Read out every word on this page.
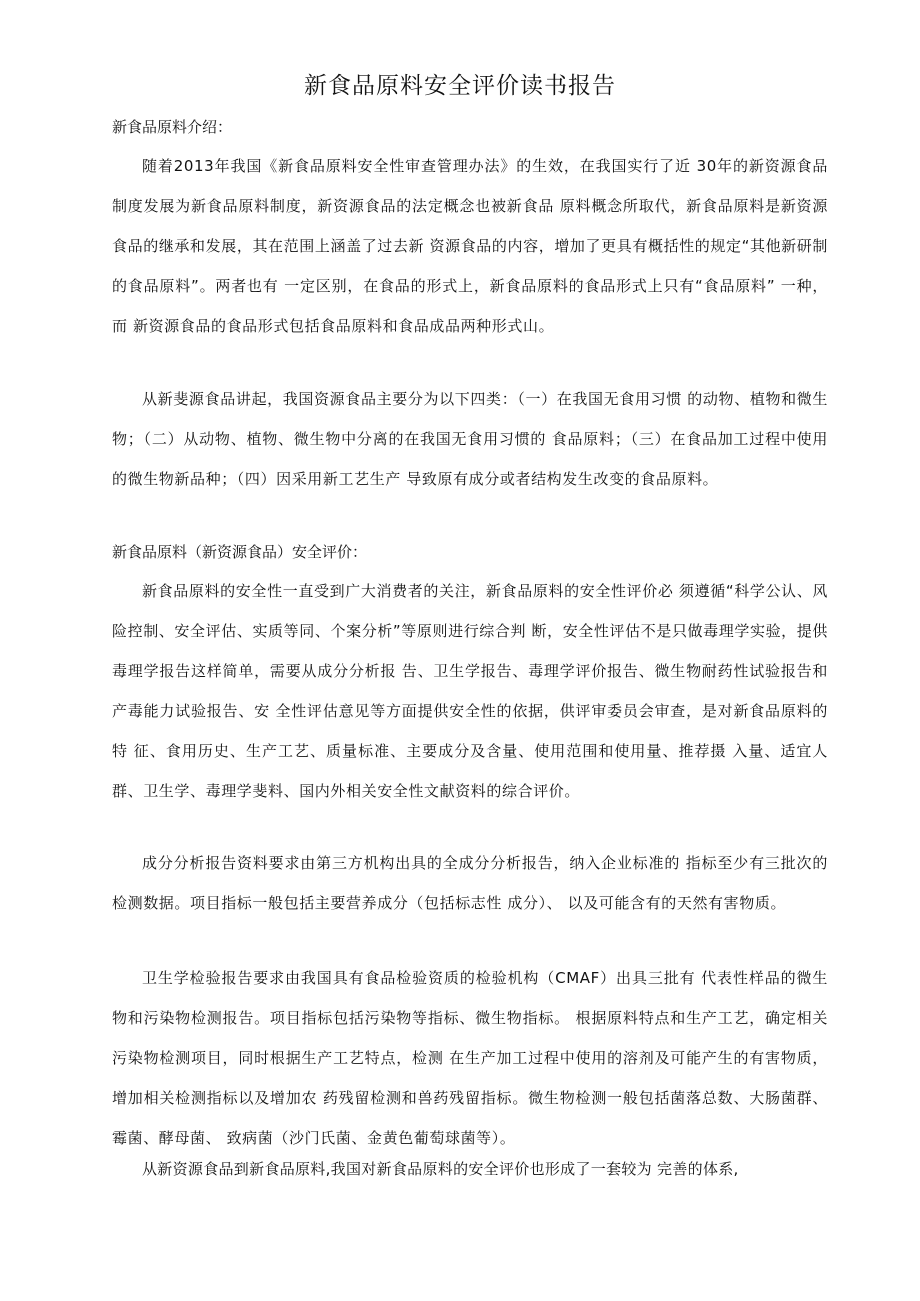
新食品原料安全评价读书报告
新食品原料介绍：

随着2013年我国《新食品原料安全性审查管理办法》的生效，在我国实行了近 30年的新资源食品制度发展为新食品原料制度，新资源食品的法定概念也被新食品 原料概念所取代，新食品原料是新资源食品的继承和发展，其在范围上涵盖了过去新 资源食品的内容，增加了更具有概括性的规定“其他新研制的食品原料”。两者也有 一定区别，在食品的形式上，新食品原料的食品形式上只有“食品原料” 一种，而 新资源食品的食品形式包括食品原料和食品成品两种形式山。

从新斐源食品讲起，我国资源食品主要分为以下四类：（一）在我国无食用习惯 的动物、植物和微生物；（二）从动物、植物、微生物中分离的在我国无食用习惯的 食品原料；（三）在食品加工过程中使用的微生物新品种；（四）因采用新工艺生产 导致原有成分或者结构发生改变的食品原料。

新食品原料（新资源食品）安全评价：

新食品原料的安全性一直受到广大消费者的关注，新食品原料的安全性评价必 须遵循“科学公认、风险控制、安全评估、实质等同、个案分析”等原则进行综合判 断，安全性评估不是只做毒理学实验，提供毒理学报告这样简单，需要从成分分析报 告、卫生学报告、毒理学评价报告、微生物耐药性试验报告和产毒能力试验报告、安 全性评估意见等方面提供安全性的依据，供评审委员会审查，是对新食品原料的特 征、食用历史、生产工艺、质量标准、主要成分及含量、使用范围和使用量、推荐摄 入量、适宜人群、卫生学、毒理学斐料、国内外相关安全性文献资料的综合评价。

成分分析报告资料要求由第三方机构出具的全成分分析报告，纳入企业标准的 指标至少有三批次的检测数据。项目指标一般包括主要营养成分（包括标志性 成分）、 以及可能含有的天然有害物质。

卫生学检验报告要求由我国具有食品检验资质的检验机构（CMAF）出具三批有 代表性样品的微生物和污染物检测报告。项目指标包括污染物等指标、微生物指标。 根据原料特点和生产工艺，确定相关污染物检测项目，同时根据生产工艺特点，检测 在生产加工过程中使用的溶剂及可能产生的有害物质，增加相关检测指标以及增加农 药残留检测和兽药残留指标。微生物检测一般包括菌落总数、大肠菌群、霉菌、酵母菌、 致病菌（沙门氏菌、金黄色葡萄球菌等）。

从新资源食品到新食品原料,我国对新食品原料的安全评价也形成了一套较为 完善的体系,
